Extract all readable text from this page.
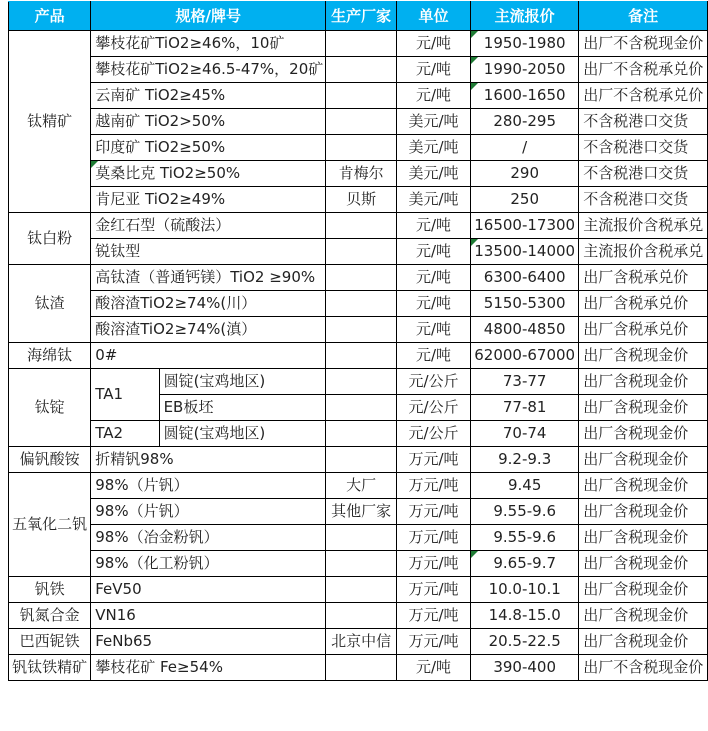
产品	规格/牌号		生产厂家	单位	主流报价	备注
钛精矿	攀枝花矿TiO2≥46%，10矿			元/吨	1950-1980	出厂不含税现金价
	攀枝花矿TiO2≥46.5-47%，20矿			元/吨	1990-2050	出厂不含税承兑价
	云南矿 TiO2≥45%			元/吨	1600-1650	出厂不含税承兑价
	越南矿 TiO2>50%			美元/吨	280-295	不含税港口交货
	印度矿 TiO2≥50%			美元/吨	/	不含税港口交货
	莫桑比克 TiO2≥50%		肯梅尔	美元/吨	290	不含税港口交货
	肯尼亚 TiO2≥49%		贝斯	美元/吨	250	不含税港口交货
钛白粉	金红石型（硫酸法）			元/吨	16500-17300	主流报价含税承兑
	锐钛型			元/吨	13500-14000	主流报价含税承兑
钛渣	高钛渣（普通钙镁）TiO2 ≥90%			元/吨	6300-6400	出厂含税承兑价
	酸溶渣TiO2≥74%(川）			元/吨	5150-5300	出厂含税承兑价
	酸溶渣TiO2≥74%(滇）			元/吨	4800-4850	出厂含税承兑价
海绵钛	0#			元/吨	62000-67000	出厂含税现金价
钛锭	TA1	圆锭(宝鸡地区)		元/公斤	73-77	出厂含税现金价
		EB板坯		元/公斤	77-81	出厂含税现金价
	TA2	圆锭(宝鸡地区)		元/公斤	70-74	出厂含税现金价
偏钒酸铵	折精钒98%			万元/吨	9.2-9.3	出厂含税现金价
五氧化二钒	98%（片钒）		大厂	万元/吨	9.45	出厂含税现金价
	98%（片钒）		其他厂家	万元/吨	9.55-9.6	出厂含税现金价
	98%（冶金粉钒）			万元/吨	9.55-9.6	出厂含税现金价
	98%（化工粉钒）			万元/吨	9.65-9.7	出厂含税现金价
钒铁	FeV50			万元/吨	10.0-10.1	出厂含税现金价
钒氮合金	VN16			万元/吨	14.8-15.0	出厂含税现金价
巴西铌铁	FeNb65		北京中信	万元/吨	20.5-22.5	出厂含税现金价
钒钛铁精矿	攀枝花矿 Fe≥54%			元/吨	390-400	出厂不含税现金价
